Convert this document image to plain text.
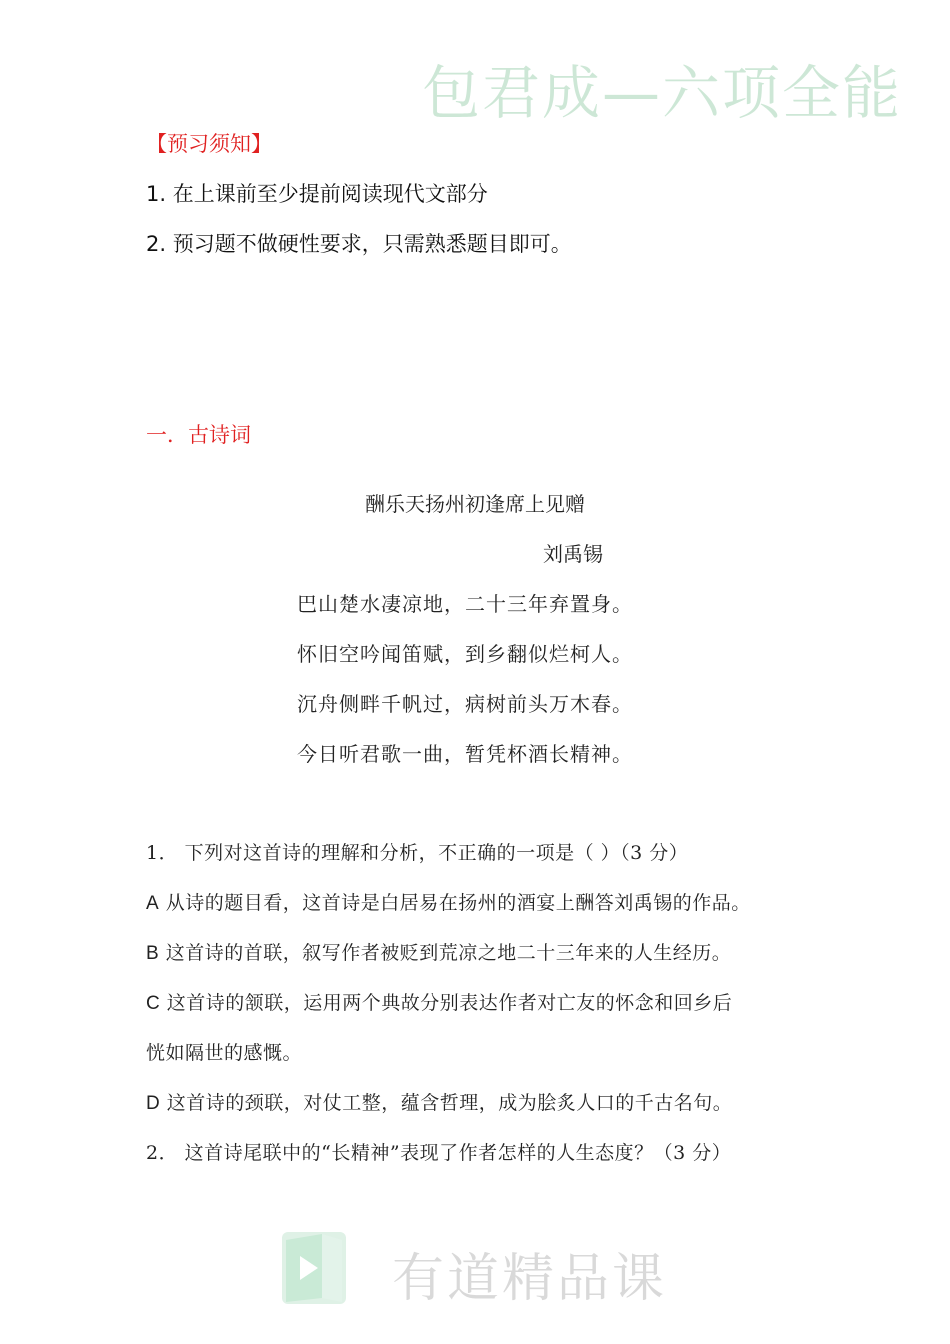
包君成—六项全能
【预习须知】
1. 在上课前至少提前阅读现代文部分
2. 预习题不做硬性要求，只需熟悉题目即可。
一．古诗词
酬乐天扬州初逢席上见赠
刘禹锡
巴山楚水凄凉地，二十三年弃置身。
怀旧空吟闻笛赋，到乡翻似烂柯人。
沉舟侧畔千帆过，病树前头万木春。
今日听君歌一曲，暂凭杯酒长精神。
1． 下列对这首诗的理解和分析，不正确的一项是（ ）（3 分）
A 从诗的题目看，这首诗是白居易在扬州的酒宴上酬答刘禹锡的作品。
B 这首诗的首联，叙写作者被贬到荒凉之地二十三年来的人生经历。
C 这首诗的颔联，运用两个典故分别表达作者对亡友的怀念和回乡后
恍如隔世的感慨。
D 这首诗的颈联，对仗工整，蕴含哲理，成为脍炙人口的千古名句。
2． 这首诗尾联中的“长精神”表现了作者怎样的人生态度？（3 分）
有道精品课
